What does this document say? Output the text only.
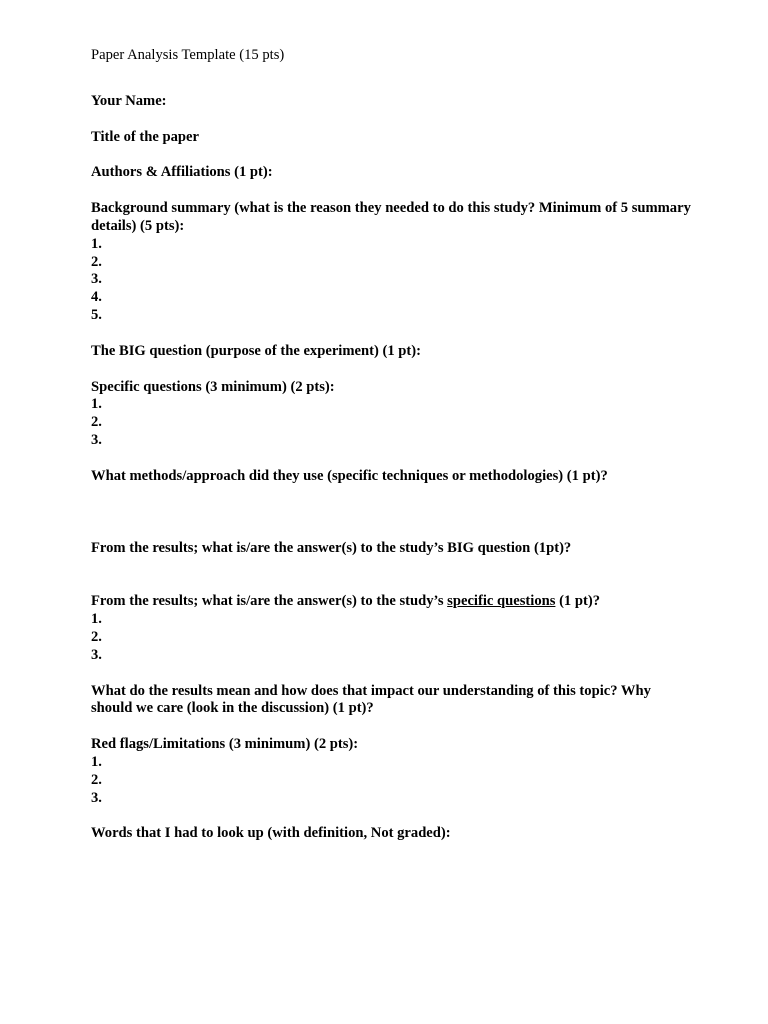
Paper Analysis Template (15 pts)
Your Name:
Title of the paper
Authors & Affiliations (1 pt):
Background summary (what is the reason they needed to do this study? Minimum of 5 summary details) (5 pts):
1.
2.
3.
4.
5.
The BIG question (purpose of the experiment) (1 pt):
Specific questions (3 minimum) (2 pts):
1.
2.
3.
What methods/approach did they use (specific techniques or methodologies) (1 pt)?
From the results; what is/are the answer(s) to the study’s BIG question (1pt)?
From the results; what is/are the answer(s) to the study’s specific questions (1 pt)?
1.
2.
3.
What do the results mean and how does that impact our understanding of this topic? Why should we care (look in the discussion) (1 pt)?
Red flags/Limitations (3 minimum) (2 pts):
1.
2.
3.
Words that I had to look up (with definition, Not graded):
